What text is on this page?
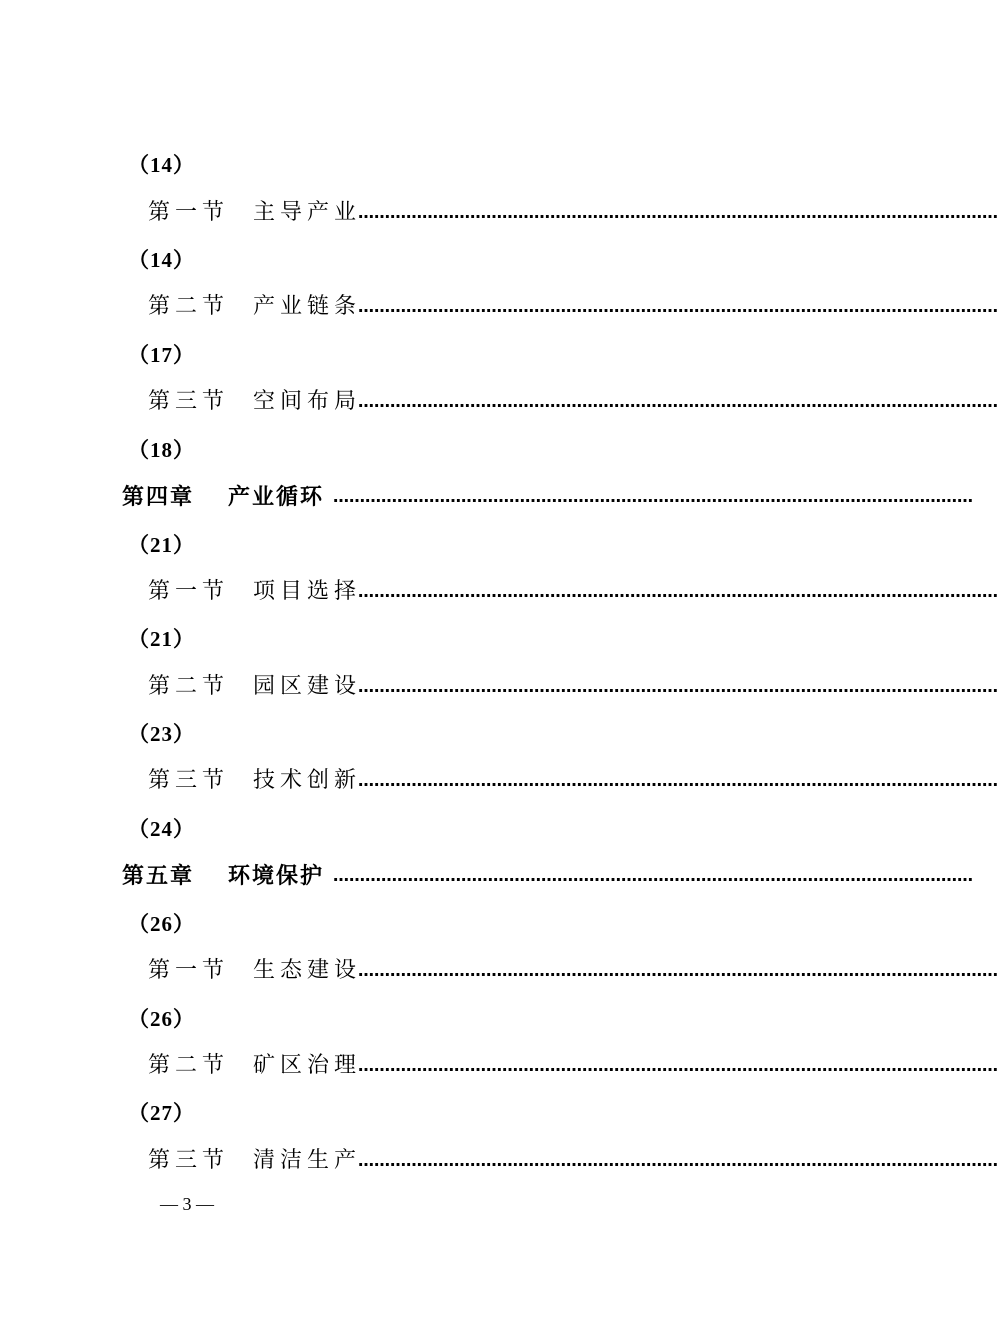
（14）
第一节 主导产业
…………………………………………………………………………………………………………
（14）
第二节 产业链条
…………………………………………………………………………………………………………
（17）
第三节 空间布局
…………………………………………………………………………………………………………
（18）
第四章 产业循环 …………………………………………………………………………………………………………
（21）
第一节 项目选择
…………………………………………………………………………………………………………
（21）
第二节 园区建设
…………………………………………………………………………………………………………
（23）
第三节 技术创新
…………………………………………………………………………………………………………
（24）
第五章 环境保护 …………………………………………………………………………………………………………
（26）
第一节 生态建设
…………………………………………………………………………………………………………
（26）
第二节 矿区治理
…………………………………………………………………………………………………………
（27）
第三节 清洁生产
…………………………………………………………………………………………………………
— 3 —
